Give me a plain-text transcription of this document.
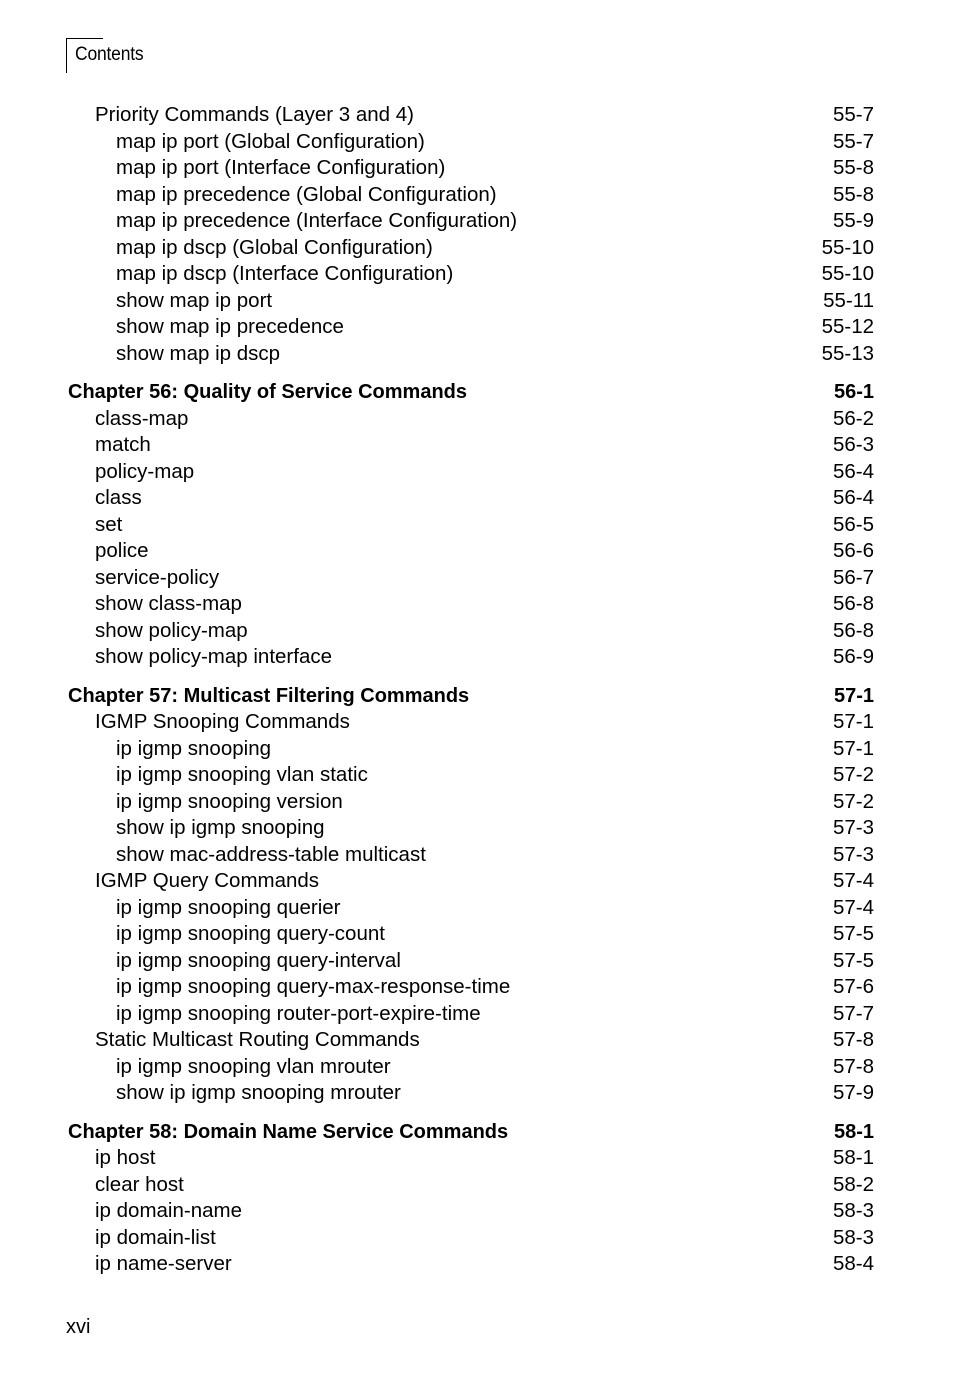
Contents
Priority Commands (Layer 3 and 4)	55-7
map ip port (Global Configuration)	55-7
map ip port (Interface Configuration)	55-8
map ip precedence (Global Configuration)	55-8
map ip precedence (Interface Configuration)	55-9
map ip dscp (Global Configuration)	55-10
map ip dscp (Interface Configuration)	55-10
show map ip port	55-11
show map ip precedence	55-12
show map ip dscp	55-13
Chapter 56: Quality of Service Commands	56-1
class-map	56-2
match	56-3
policy-map	56-4
class	56-4
set	56-5
police	56-6
service-policy	56-7
show class-map	56-8
show policy-map	56-8
show policy-map interface	56-9
Chapter 57: Multicast Filtering Commands	57-1
IGMP Snooping Commands	57-1
ip igmp snooping	57-1
ip igmp snooping vlan static	57-2
ip igmp snooping version	57-2
show ip igmp snooping	57-3
show mac-address-table multicast	57-3
IGMP Query Commands	57-4
ip igmp snooping querier	57-4
ip igmp snooping query-count	57-5
ip igmp snooping query-interval	57-5
ip igmp snooping query-max-response-time	57-6
ip igmp snooping router-port-expire-time	57-7
Static Multicast Routing Commands	57-8
ip igmp snooping vlan mrouter	57-8
show ip igmp snooping mrouter	57-9
Chapter 58: Domain Name Service Commands	58-1
ip host	58-1
clear host	58-2
ip domain-name	58-3
ip domain-list	58-3
ip name-server	58-4
xvi
